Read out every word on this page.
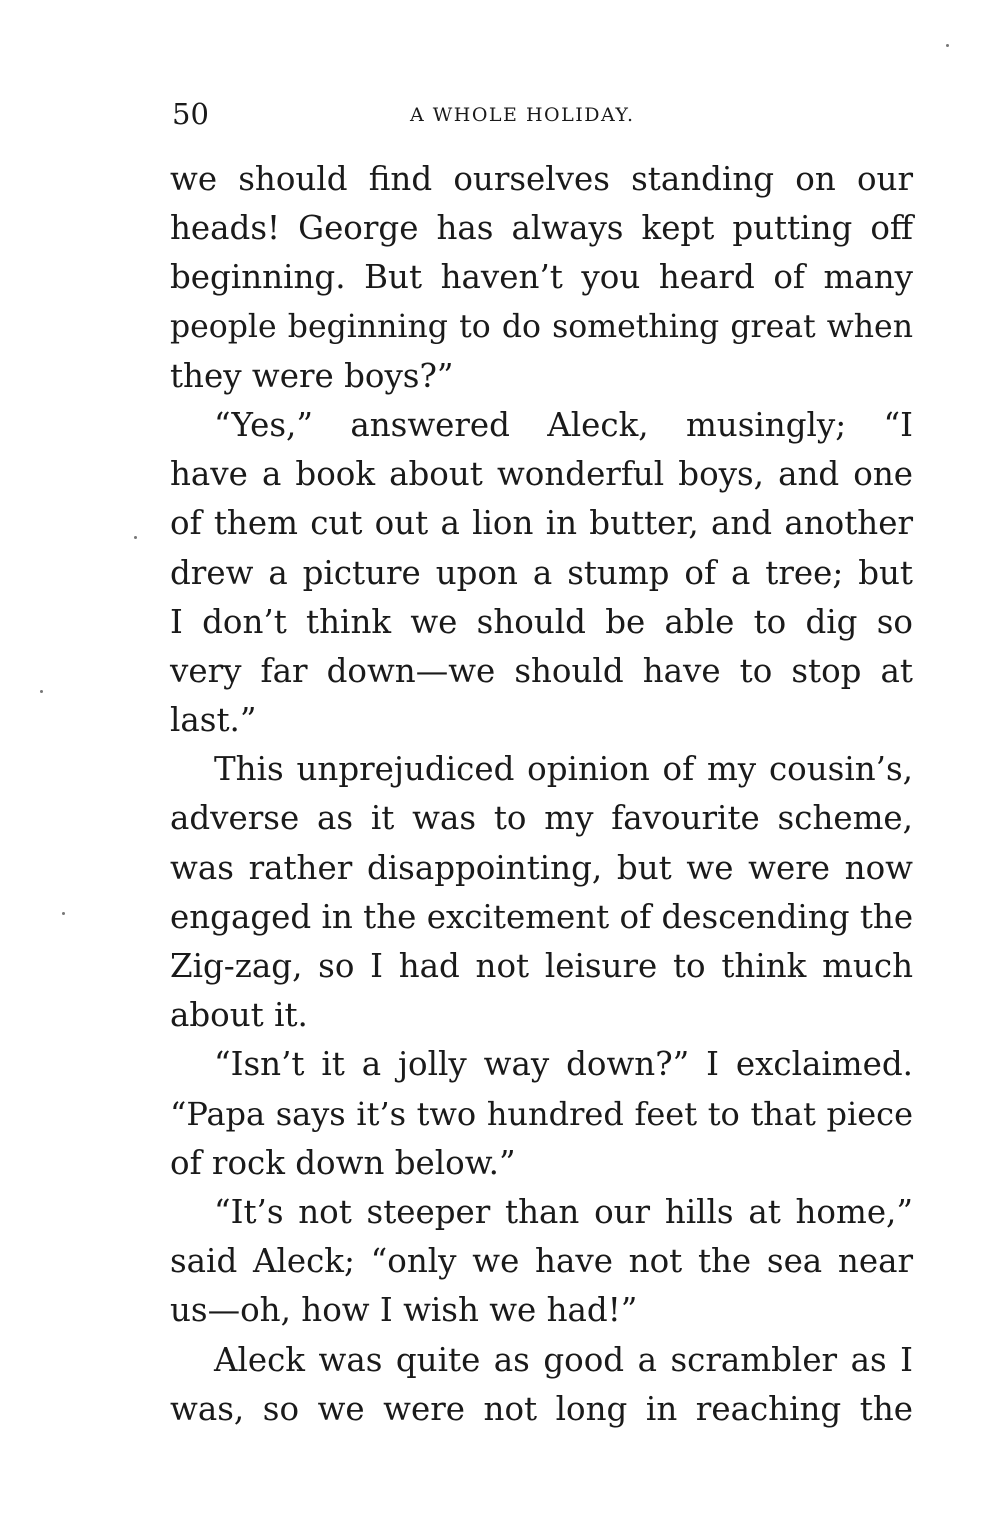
50	A WHOLE HOLIDAY.
we should find ourselves standing on our
heads! George has always kept putting off
beginning. But haven’t you heard of many
people beginning to do something great when
they were boys?”
“Yes,” answered Aleck, musingly; “I
have a book about wonderful boys, and one
of them cut out a lion in butter, and another
drew a picture upon a stump of a tree; but
I don’t think we should be able to dig so
very far down—we should have to stop at
last.”
This unprejudiced opinion of my cousin’s,
adverse as it was to my favourite scheme,
was rather disappointing, but we were now
engaged in the excitement of descending the
Zig-zag, so I had not leisure to think much
about it.
“Isn’t it a jolly way down?” I exclaimed.
“Papa says it’s two hundred feet to that piece
of rock down below.”
“It’s not steeper than our hills at home,”
said Aleck; “only we have not the sea near
us—oh, how I wish we had!”
Aleck was quite as good a scrambler as I
was, so we were not long in reaching the
